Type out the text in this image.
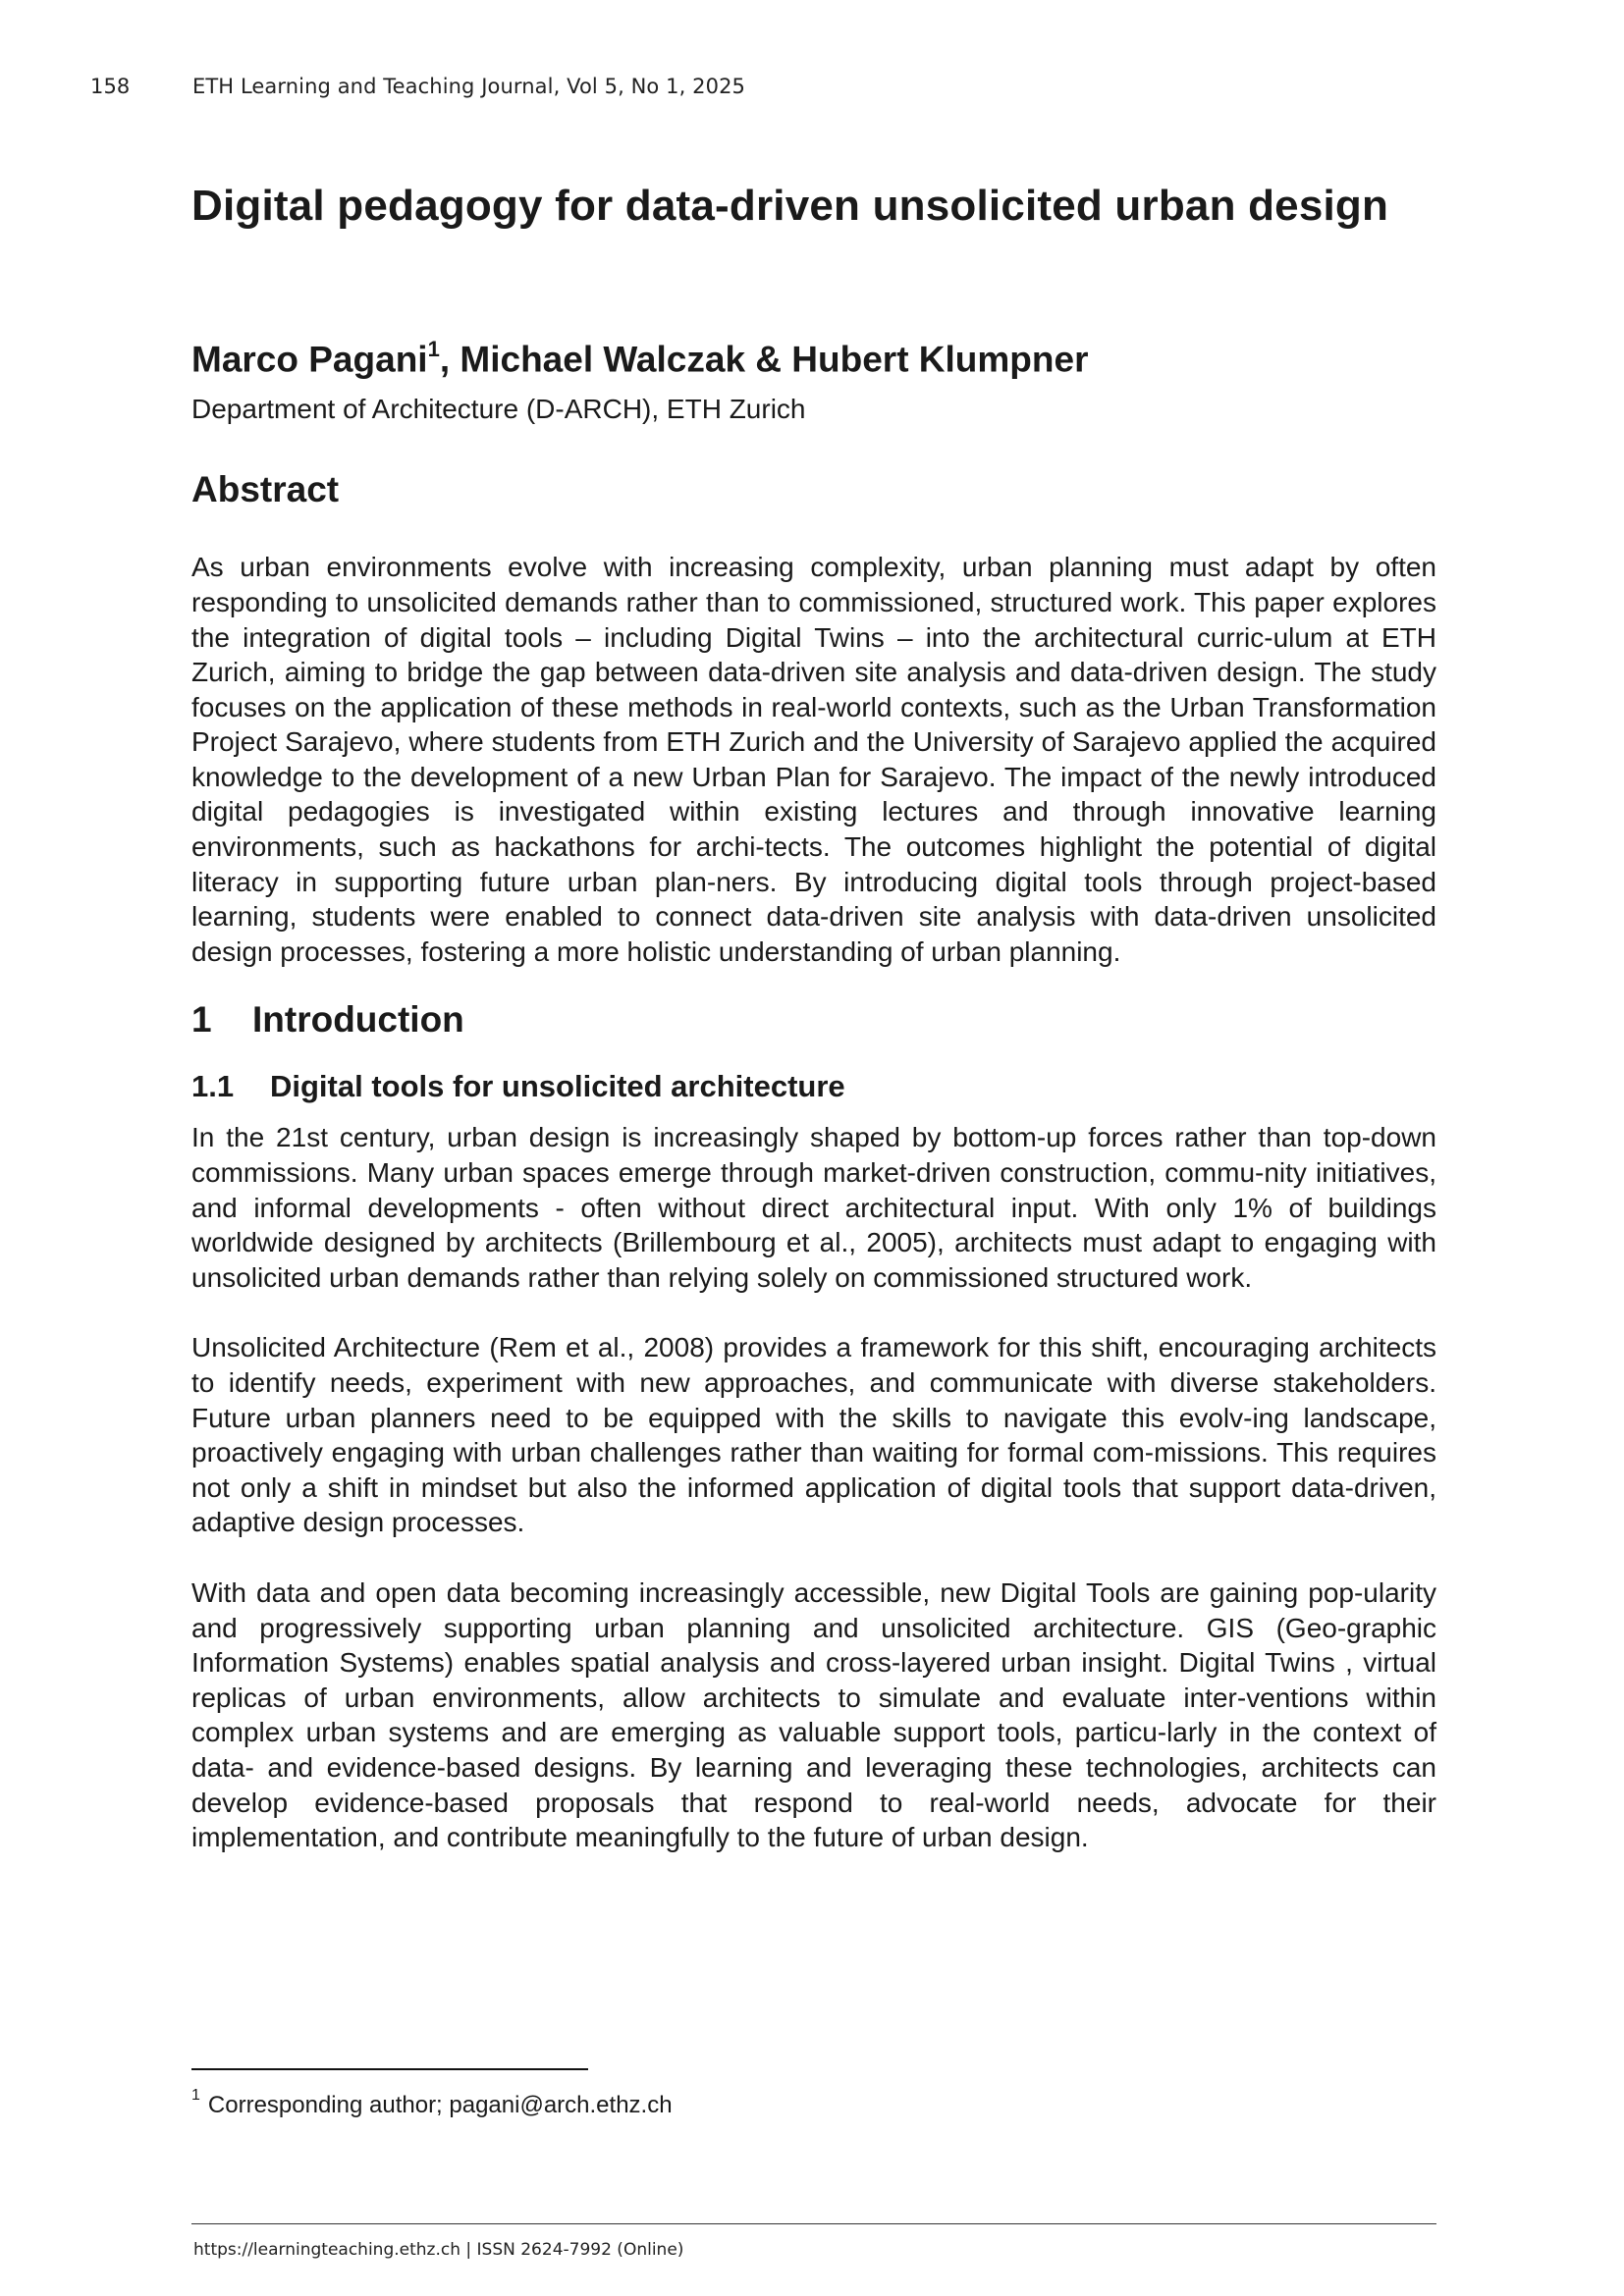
158	ETH Learning and Teaching Journal, Vol 5, No 1, 2025
Digital pedagogy for data-driven unsolicited urban design
Marco Pagani$^1$, Michael Walczak & Hubert Klumpner
Department of Architecture (D-ARCH), ETH Zurich
Abstract

As urban environments evolve with increasing complexity, urban planning must adapt by often responding to unsolicited demands rather than to commissioned, structured work. This paper explores the integration of digital tools – including Digital Twins – into the architectural curric-ulum at ETH Zurich, aiming to bridge the gap between data-driven site analysis and data-driven design. The study focuses on the application of these methods in real-world contexts, such as the Urban Transformation Project Sarajevo, where students from ETH Zurich and the University of Sarajevo applied the acquired knowledge to the development of a new Urban Plan for Sarajevo. The impact of the newly introduced digital pedagogies is investigated within existing lectures and through innovative learning environments, such as hackathons for archi-tects. The outcomes highlight the potential of digital literacy in supporting future urban plan-ners. By introducing digital tools through project-based learning, students were enabled to connect data-driven site analysis with data-driven unsolicited design processes, fostering a more holistic understanding of urban planning.

1 Introduction
1.1 Digital tools for unsolicited architecture

In the 21st century, urban design is increasingly shaped by bottom-up forces rather than top-down commissions. Many urban spaces emerge through market-driven construction, commu-nity initiatives, and informal developments - often without direct architectural input. With only 1% of buildings worldwide designed by architects (Brillembourg et al., 2005), architects must adapt to engaging with unsolicited urban demands rather than relying solely on commissioned structured work.

Unsolicited Architecture (Rem et al., 2008) provides a framework for this shift, encouraging architects to identify needs, experiment with new approaches, and communicate with diverse stakeholders. Future urban planners need to be equipped with the skills to navigate this evolv-ing landscape, proactively engaging with urban challenges rather than waiting for formal com-missions. This requires not only a shift in mindset but also the informed application of digital tools that support data-driven, adaptive design processes.

With data and open data becoming increasingly accessible, new Digital Tools are gaining pop-ularity and progressively supporting urban planning and unsolicited architecture. GIS (Geo-graphic Information Systems) enables spatial analysis and cross-layered urban insight. Digital Twins , virtual replicas of urban environments, allow architects to simulate and evaluate inter-ventions within complex urban systems and are emerging as valuable support tools, particu-larly in the context of data- and evidence-based designs. By learning and leveraging these technologies, architects can develop evidence-based proposals that respond to real-world needs, advocate for their implementation, and contribute meaningfully to the future of urban design.

$^1$ Corresponding author; pagani@arch.ethz.ch
https://learningteaching.ethz.ch | ISSN 2624-7992 (Online)
